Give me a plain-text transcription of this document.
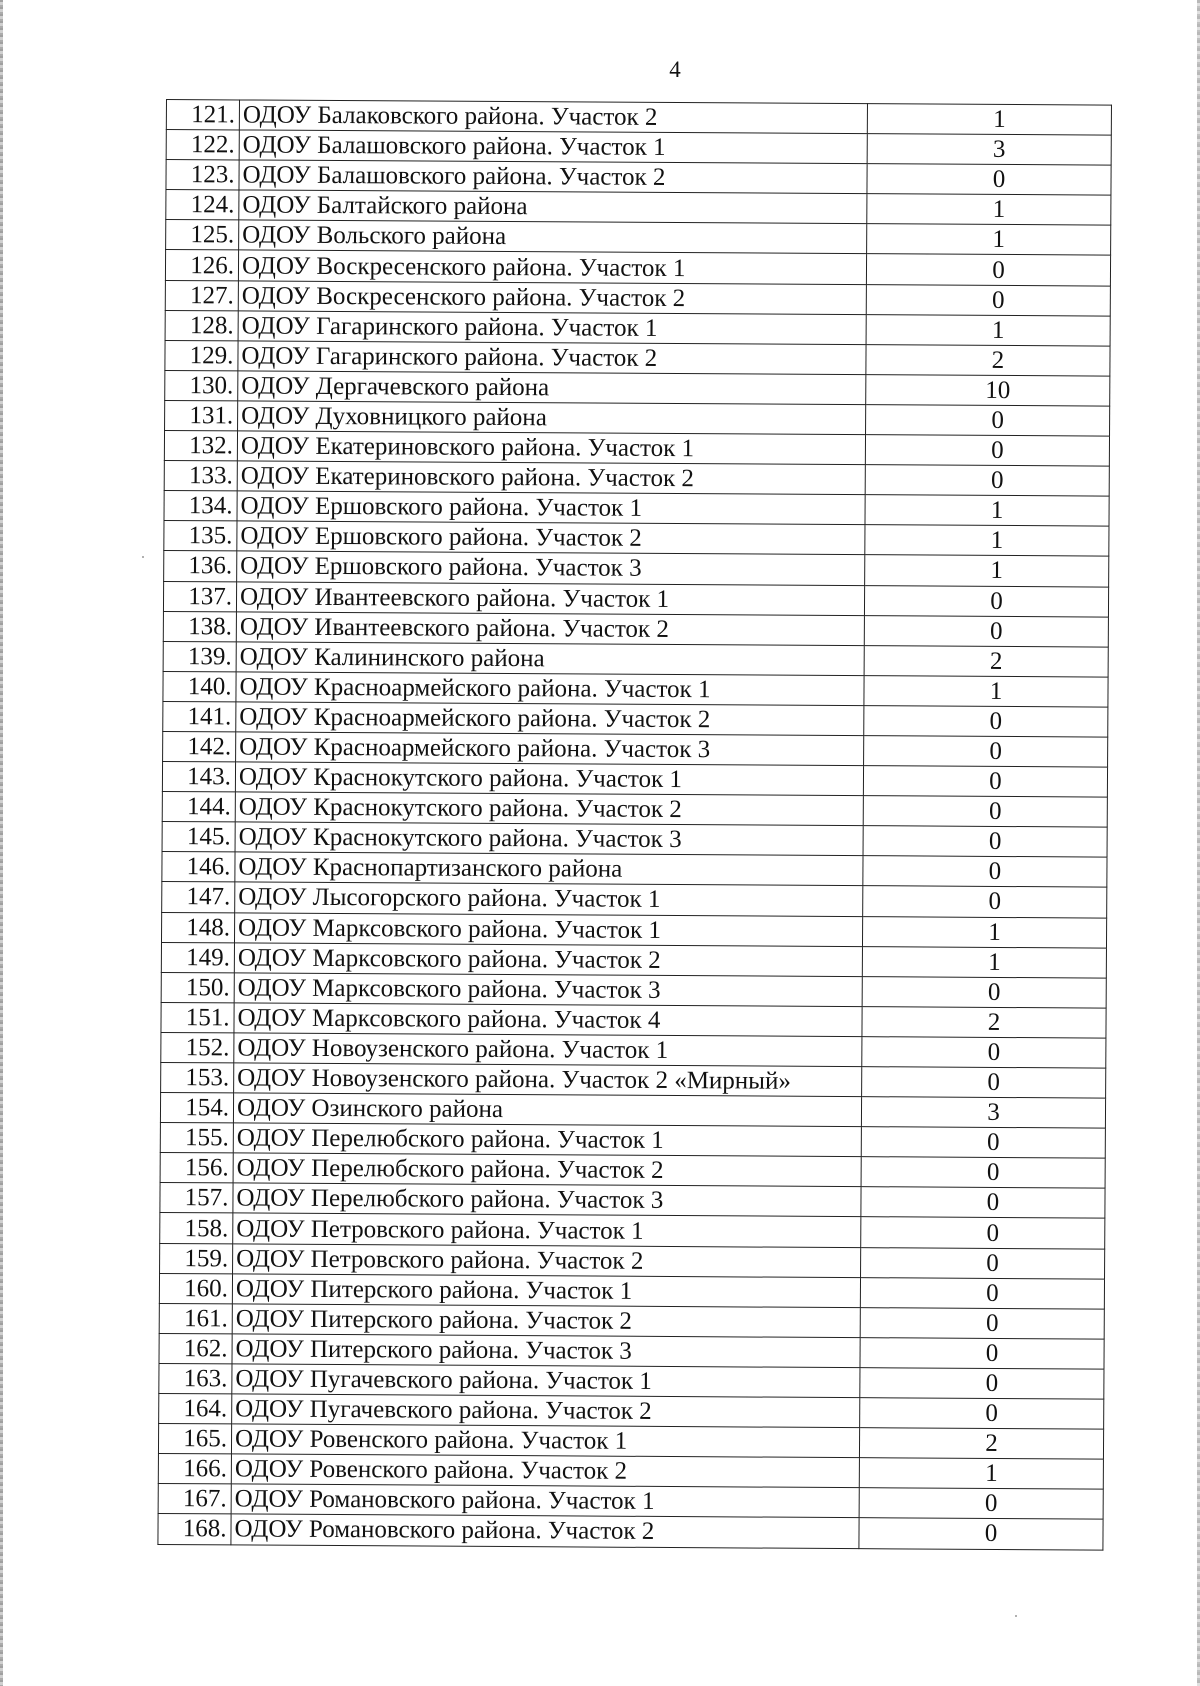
4
121.	ОДОУ Балаковского района. Участок 2	1
122.	ОДОУ Балашовского района. Участок 1	3
123.	ОДОУ Балашовского района. Участок 2	0
124.	ОДОУ Балтайского района	1
125.	ОДОУ Вольского района	1
126.	ОДОУ Воскресенского района. Участок 1	0
127.	ОДОУ Воскресенского района. Участок 2	0
128.	ОДОУ Гагаринского района. Участок 1	1
129.	ОДОУ Гагаринского района. Участок 2	2
130.	ОДОУ Дергачевского района	10
131.	ОДОУ Духовницкого района	0
132.	ОДОУ Екатериновского района. Участок 1	0
133.	ОДОУ Екатериновского района. Участок 2	0
134.	ОДОУ Ершовского района. Участок 1	1
135.	ОДОУ Ершовского района. Участок 2	1
136.	ОДОУ Ершовского района. Участок 3	1
137.	ОДОУ Ивантеевского района. Участок 1	0
138.	ОДОУ Ивантеевского района. Участок 2	0
139.	ОДОУ Калининского района	2
140.	ОДОУ Красноармейского района. Участок 1	1
141.	ОДОУ Красноармейского района. Участок 2	0
142.	ОДОУ Красноармейского района. Участок 3	0
143.	ОДОУ Краснокутского района. Участок 1	0
144.	ОДОУ Краснокутского района. Участок 2	0
145.	ОДОУ Краснокутского района. Участок 3	0
146.	ОДОУ Краснопартизанского района	0
147.	ОДОУ Лысогорского района. Участок 1	0
148.	ОДОУ Марксовского района. Участок 1	1
149.	ОДОУ Марксовского района. Участок 2	1
150.	ОДОУ Марксовского района. Участок 3	0
151.	ОДОУ Марксовского района. Участок 4	2
152.	ОДОУ Новоузенского района. Участок 1	0
153.	ОДОУ Новоузенского района. Участок 2 «Мирный»	0
154.	ОДОУ Озинского района	3
155.	ОДОУ Перелюбского района. Участок 1	0
156.	ОДОУ Перелюбского района. Участок 2	0
157.	ОДОУ Перелюбского района. Участок 3	0
158.	ОДОУ Петровского района. Участок 1	0
159.	ОДОУ Петровского района. Участок 2	0
160.	ОДОУ Питерского района. Участок 1	0
161.	ОДОУ Питерского района. Участок 2	0
162.	ОДОУ Питерского района. Участок 3	0
163.	ОДОУ Пугачевского района. Участок 1	0
164.	ОДОУ Пугачевского района. Участок 2	0
165.	ОДОУ Ровенского района. Участок 1	2
166.	ОДОУ Ровенского района. Участок 2	1
167.	ОДОУ Романовского района. Участок 1	0
168.	ОДОУ Романовского района. Участок 2	0
